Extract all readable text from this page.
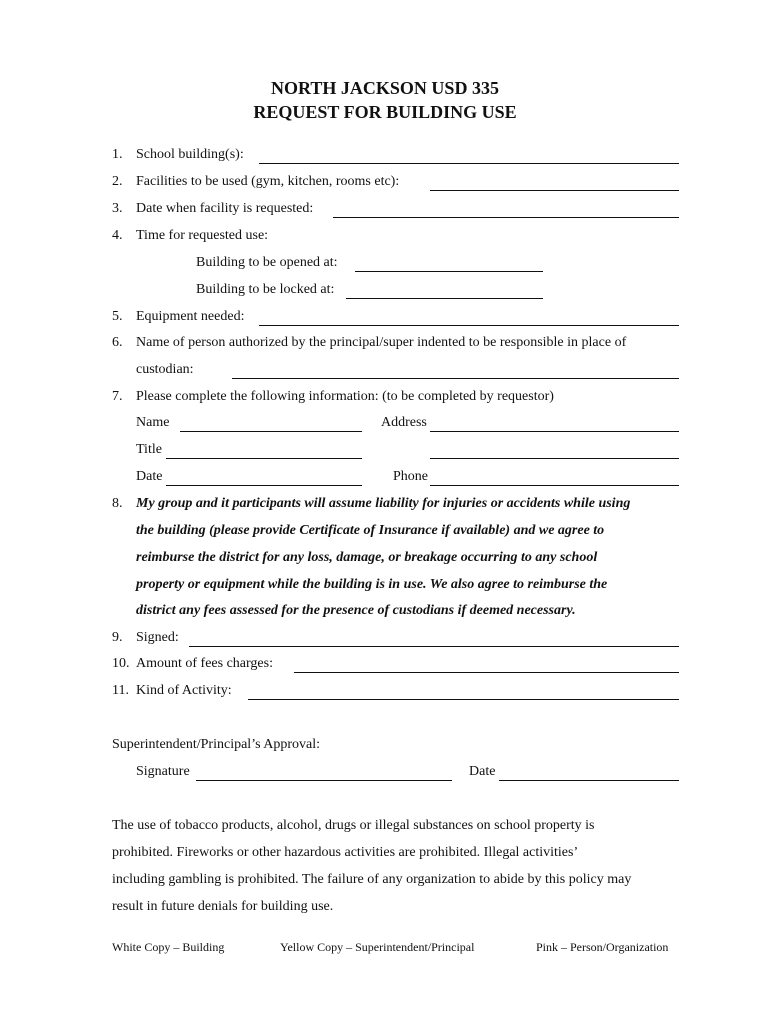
NORTH JACKSON USD 335
REQUEST FOR BUILDING USE
1. School building(s):
2. Facilities to be used (gym, kitchen, rooms etc):
3. Date when facility is requested:
4. Time for requested use:
Building to be opened at:
Building to be locked at:
5. Equipment needed:
6. Name of person authorized by the principal/super indented to be responsible in place of
custodian:
7. Please complete the following information: (to be completed by requestor)
Name	Address
Title
Date	Phone
8. My group and it participants will assume liability for injuries or accidents while using
the building (please provide Certificate of Insurance if available) and we agree to
reimburse the district for any loss, damage, or breakage occurring to any school
property or equipment while the building is in use. We also agree to reimburse the
district any fees assessed for the presence of custodians if deemed necessary.
9. Signed:
10. Amount of fees charges:
11. Kind of Activity:
Superintendent/Principal’s Approval:
Signature	Date
The use of tobacco products, alcohol, drugs or illegal substances on school property is
prohibited. Fireworks or other hazardous activities are prohibited. Illegal activities’
including gambling is prohibited. The failure of any organization to abide by this policy may
result in future denials for building use.
White Copy – Building	Yellow Copy – Superintendent/Principal	Pink – Person/Organization
